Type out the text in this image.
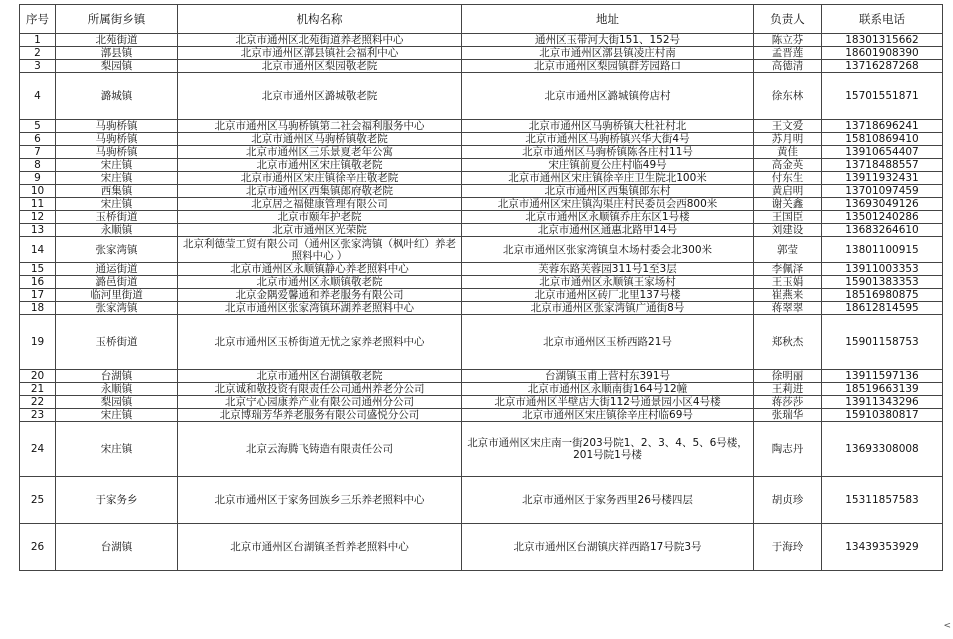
序号	所属街乡镇	机构名称	地址	负责人	联系电话
1	北苑街道	北京市通州区北苑街道养老照料中心	通州区玉带河大街151、152号	陈立芬	18301315662
2	漷县镇	北京市通州区漷县镇社会福利中心	北京市通州区漷县镇凌庄村南	孟晋莲	18601908390
3	梨园镇	北京市通州区梨园敬老院	北京市通州区梨园镇群芳园路口	高德清	13716287268
4	潞城镇	北京市通州区潞城敬老院	北京市通州区潞城镇侉店村	徐东林	15701551871
5	马驹桥镇	北京市通州区马驹桥镇第二社会福利服务中心	北京市通州区马驹桥镇大杜社村北	王文爱	13718696241
6	马驹桥镇	北京市通州区马驹桥镇敬老院	北京市通州区马驹桥镇兴华大街4号	苏月明	15810869410
7	马驹桥镇	北京市通州区三乐景夏老年公寓	北京市通州区马驹桥镇陈各庄村11号	黄佳	13910654407
8	宋庄镇	北京市通州区宋庄镇敬老院	宋庄镇前夏公庄村临49号	高金英	13718488557
9	宋庄镇	北京市通州区宋庄镇徐辛庄敬老院	北京市通州区宋庄镇徐辛庄卫生院北100米	付东生	13911932431
10	西集镇	北京市通州区西集镇郎府敬老院	北京市通州区西集镇郎东村	黄启明	13701097459
11	宋庄镇	北京居之福健康管理有限公司	北京市通州区宋庄镇沟渠庄村民委员会西800米	谢关鑫	13693049126
12	玉桥街道	北京市颐年护老院	北京市通州区永顺镇乔庄东区1号楼	王国臣	13501240286
13	永顺镇	北京市通州区光荣院	北京市通州区通惠北路甲14号	刘建设	13683264610
14	张家湾镇	北京利德莹工贸有限公司（通州区张家湾镇（枫叶红）养老照料中心 ）	北京市通州区张家湾镇皇木场村委会北300米	郭莹	13801100915
15	通运街道	北京市通州区永顺镇静心养老照料中心	芙蓉东路芙蓉园311号1至3层	李佩泽	13911003353
16	潞邑街道	北京市通州区永顺镇敬老院	北京市通州区永顺镇王家场村	王玉娟	15901383353
17	临河里街道	北京金隅爱馨通和养老服务有限公司	北京市通州区砖厂北里137号楼	崔燕来	18516980875
18	张家湾镇	北京市通州区张家湾镇环湖养老照料中心	北京市通州区张家湾镇广通街8号	蒋翠翠	18612814595
19	玉桥街道	北京市通州区玉桥街道无忧之家养老照料中心	北京市通州区玉桥西路21号	郑秋杰	15901158753
20	台湖镇	北京市通州区台湖镇敬老院	台湖镇玉甫上营村东391号	徐明丽	13911597136
21	永顺镇	北京诚和敬投资有限责任公司通州养老分公司	北京市通州区永顺南街164号12幢	王莉进	18519663139
22	梨园镇	北京宁心园康养产业有限公司通州分公司	北京市通州区半壁店大街112号通景园小区4号楼	蒋莎莎	13911343296
23	宋庄镇	北京博瑞芳华养老服务有限公司盛悦分公司	北京市通州区宋庄镇徐辛庄村临69号	张瑞华	15910380817
24	宋庄镇	北京云海腾飞铸造有限责任公司	北京市通州区宋庄南一街203号院1、2、3、4、5、6号楼，201号院1号楼	陶志丹	13693308008
25	于家务乡	北京市通州区于家务回族乡三乐养老照料中心	北京市通州区于家务西里26号楼四层	胡贞珍	15311857583
26	台湖镇	北京市通州区台湖镇圣哲养老照料中心	北京市通州区台湖镇庆祥西路17号院3号	于海玲	13439353929
<
